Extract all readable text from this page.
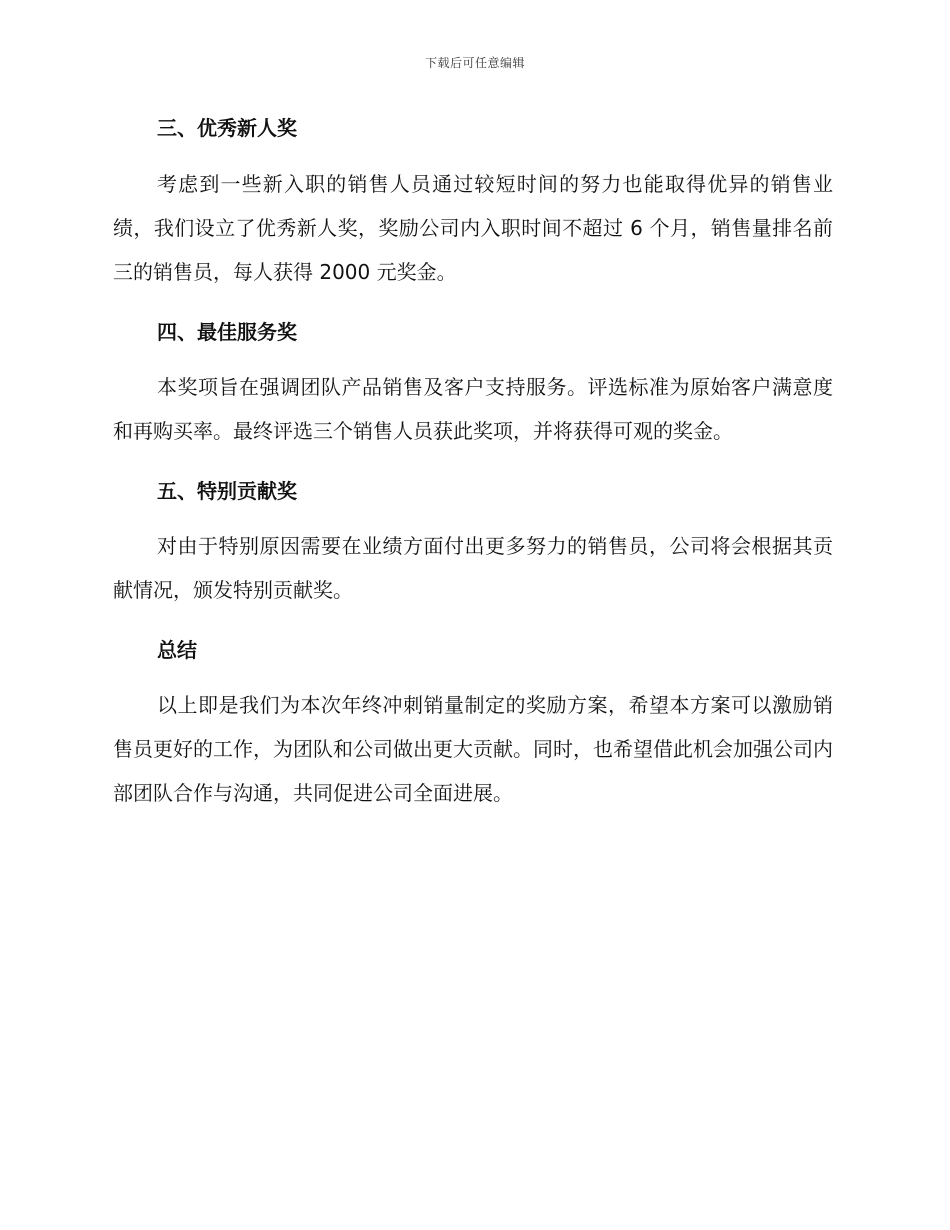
下载后可任意编辑
三、优秀新人奖

考虑到一些新入职的销售人员通过较短时间的努力也能取得优异的销售业绩，我们设立了优秀新人奖，奖励公司内入职时间不超过 6 个月，销售量排名前三的销售员，每人获得 2000 元奖金。

四、最佳服务奖

本奖项旨在强调团队产品销售及客户支持服务。评选标准为原始客户满意度和再购买率。最终评选三个销售人员获此奖项，并将获得可观的奖金。

五、特别贡献奖

对由于特别原因需要在业绩方面付出更多努力的销售员，公司将会根据其贡献情况，颁发特别贡献奖。

总结

以上即是我们为本次年终冲刺销量制定的奖励方案，希望本方案可以激励销售员更好的工作，为团队和公司做出更大贡献。同时，也希望借此机会加强公司内部团队合作与沟通，共同促进公司全面进展。
